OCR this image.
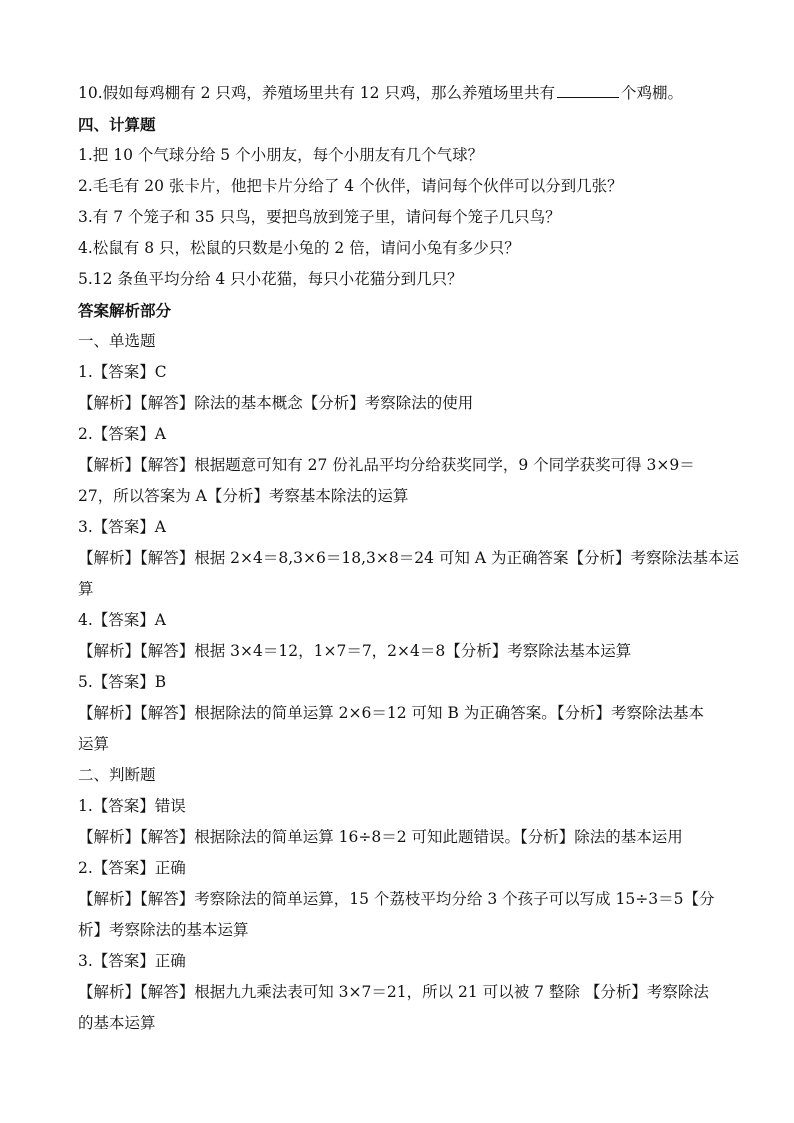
10.假如每鸡棚有 2 只鸡，养殖场里共有 12 只鸡，那么养殖场里共有	个鸡棚。
四、计算题
1.把 10 个气球分给 5 个小朋友，每个小朋友有几个气球？
2.毛毛有 20 张卡片，他把卡片分给了 4 个伙伴，请问每个伙伴可以分到几张？
3.有 7 个笼子和 35 只鸟，要把鸟放到笼子里，请问每个笼子几只鸟？
4.松鼠有 8 只，松鼠的只数是小兔的 2 倍，请问小兔有多少只？
5.12 条鱼平均分给 4 只小花猫，每只小花猫分到几只？
答案解析部分
一、单选题
1.【答案】C
【解析】【解答】除法的基本概念【分析】考察除法的使用
2.【答案】A
【解析】【解答】根据题意可知有 27 份礼品平均分给获奖同学，9 个同学获奖可得 3×9＝
27，所以答案为 A【分析】考察基本除法的运算
3.【答案】A
【解析】【解答】根据 2×4＝8,3×6＝18,3×8＝24 可知 A 为正确答案【分析】考察除法基本运
算
4.【答案】A
【解析】【解答】根据 3×4＝12，1×7＝7，2×4＝8【分析】考察除法基本运算
5.【答案】B
【解析】【解答】根据除法的简单运算 2×6＝12 可知 B 为正确答案。【分析】考察除法基本
运算
二、判断题
1.【答案】错误
【解析】【解答】根据除法的简单运算 16÷8＝2 可知此题错误。【分析】除法的基本运用
2.【答案】正确
【解析】【解答】考察除法的简单运算，15 个荔枝平均分给 3 个孩子可以写成 15÷3＝5【分
析】考察除法的基本运算
3.【答案】正确
【解析】【解答】根据九九乘法表可知 3×7＝21，所以 21 可以被 7 整除 【分析】考察除法
的基本运算
